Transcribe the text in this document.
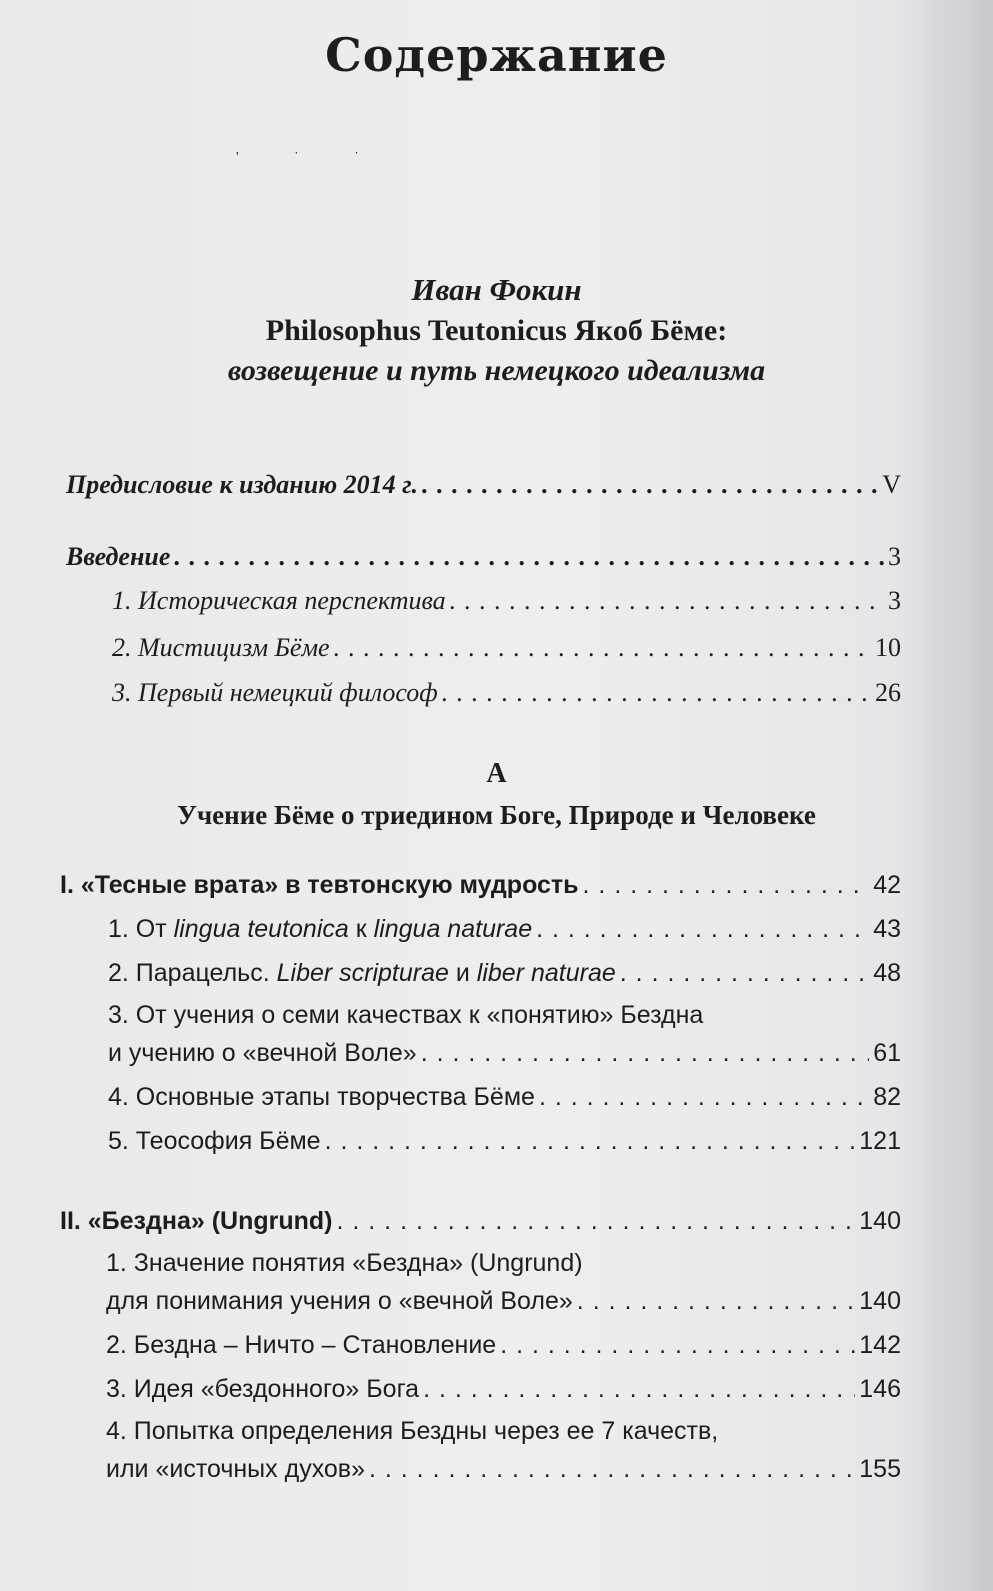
Содержание
' ˙ ˙
Иван Фокин
Philosophus Teutonicus Якоб Бёме:
возвещение и путь немецкого идеализма
Предисловие к изданию 2014 г. . . .	V
Введение . . .	3
1. Историческая перспектива . . .	3
2. Мистицизм Бёме . . .	10
3. Первый немецкий философ . . .	26
А
Учение Бёме о триедином Боге, Природе и Человеке
I. «Тесные врата» в тевтонскую мудрость . . .	42
1. От lingua teutonica к lingua naturae . . .	43
2. Парацельс. Liber scripturae и liber naturae . . .	48
3. От учения о семи качествах к «понятию» Бездна
и учению о «вечной Воле» . . .	61
4. Основные этапы творчества Бёме . . .	82
5. Теософия Бёме . . .	121
II. «Бездна» (Ungrund) . . .	140
1. Значение понятия «Бездна» (Ungrund)
для понимания учения о «вечной Воле» . . .	140
2. Бездна – Ничто – Становление . . .	142
3. Идея «бездонного» Бога . . .	146
4. Попытка определения Бездны через ее 7 качеств,
или «источных духов» . . .	155
